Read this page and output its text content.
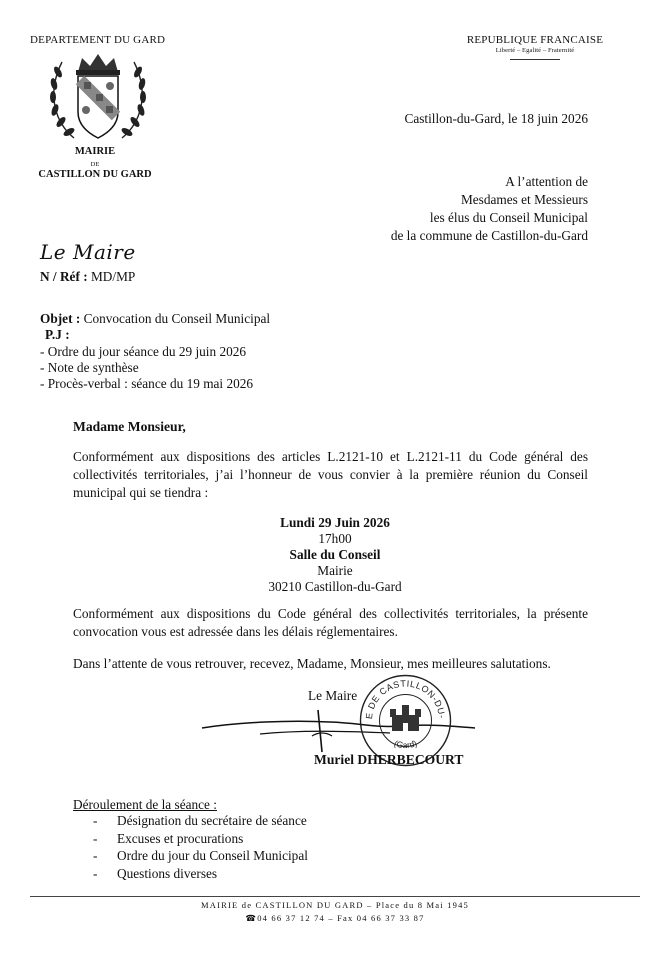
DEPARTEMENT DU GARD
MAIRIE
DE
CASTILLON DU GARD
REPUBLIQUE FRANCAISE
Liberté – Egalité – Fraternité
Castillon-du-Gard, le 18 juin 2026
A l’attention de
Mesdames et Messieurs
les élus du Conseil Municipal
de la commune de Castillon-du-Gard
Le Maire
N / Réf : MD/MP
Objet : Convocation du Conseil Municipal
P.J :
- Ordre du jour séance du 29 juin 2026
- Note de synthèse
- Procès-verbal : séance du 19 mai 2026
Madame Monsieur,
Conformément aux dispositions des articles L.2121-10 et L.2121-11 du Code général des collectivités territoriales, j’ai l’honneur de vous convier à la première réunion du Conseil municipal qui se tiendra :
Lundi 29 Juin 2026
17h00
Salle du Conseil
Mairie
30210 Castillon-du-Gard
Conformément aux dispositions du Code général des collectivités territoriales, la présente convocation vous est adressée dans les délais réglementaires.
Dans l’attente de vous retrouver, recevez, Madame, Monsieur, mes meilleures salutations.
Le Maire
E DE CASTILLON-DU-
(Gard)
Muriel DHERBECOURT
Déroulement de la séance :
- Désignation du secrétaire de séance
- Excuses et procurations
- Ordre du jour du Conseil Municipal
- Questions diverses
MAIRIE de CASTILLON DU GARD – Place du 8 Mai 1945
☎04 66 37 12 74 – Fax 04 66 37 33 87
